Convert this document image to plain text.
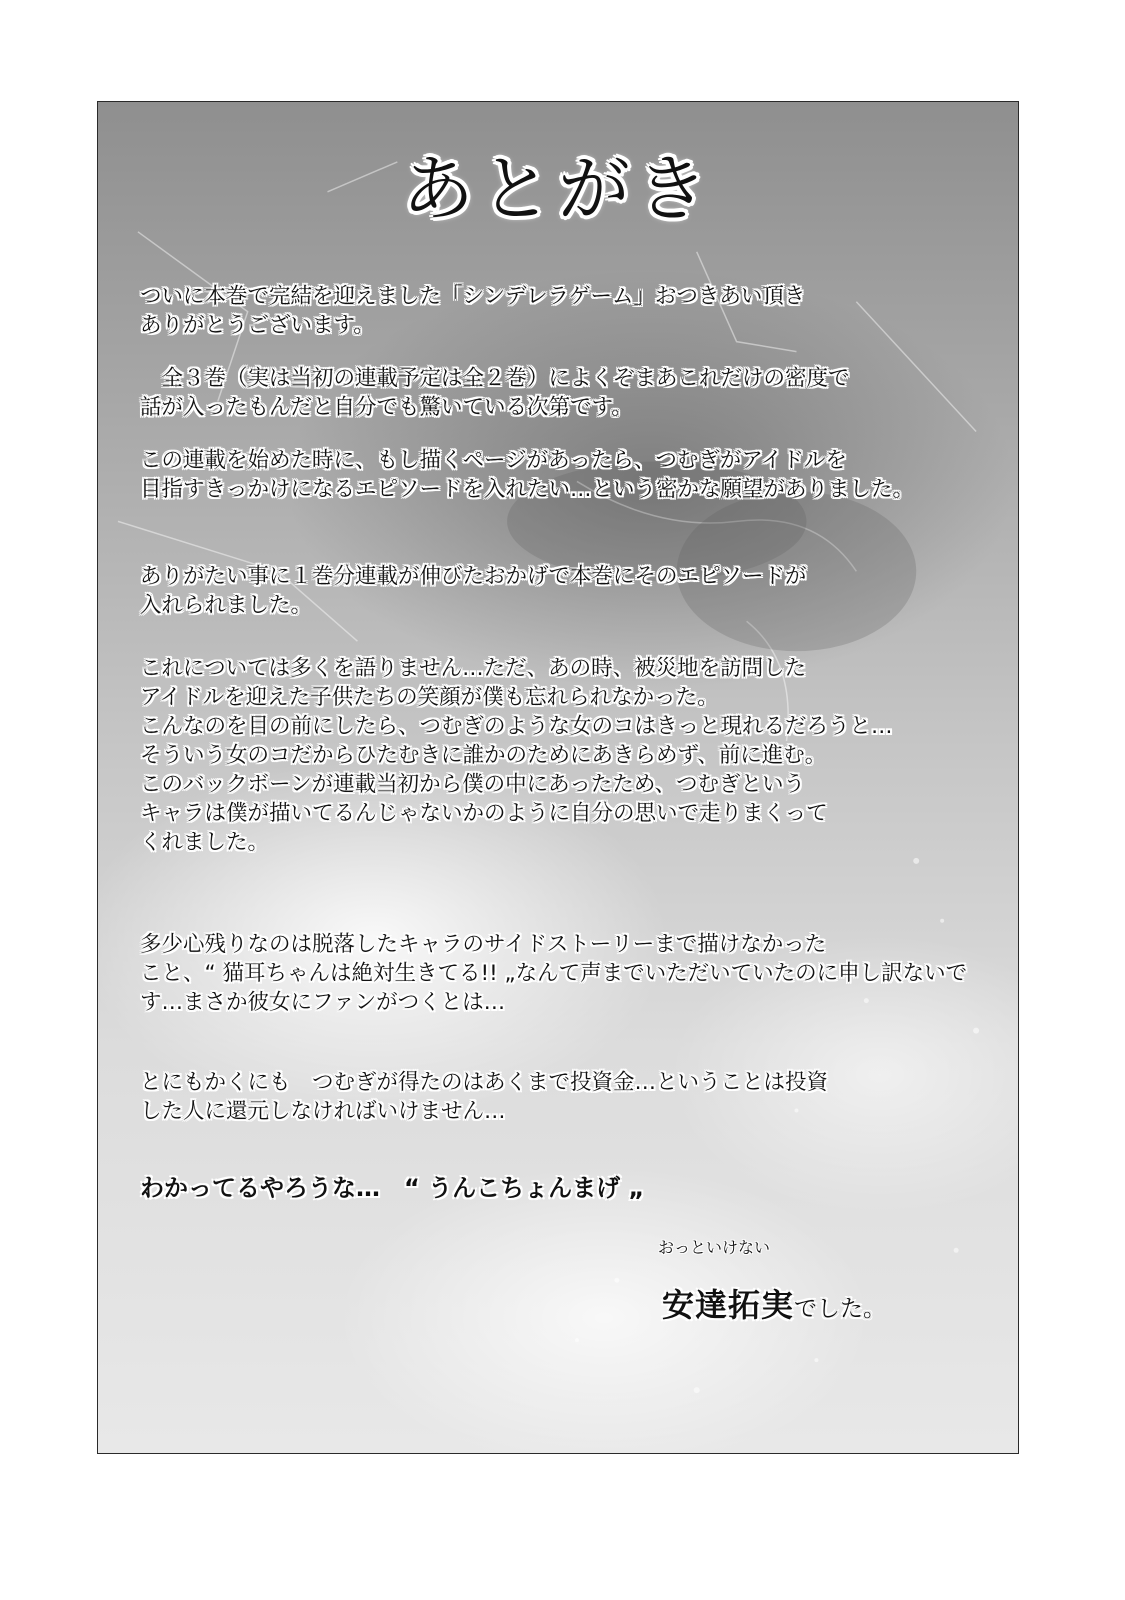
あとがき

ついに本巻で完結を迎えました「シンデレラゲーム」おつきあい頂き
ありがとうございます。

　全３巻（実は当初の連載予定は全２巻）によくぞまあこれだけの密度で
話が入ったもんだと自分でも驚いている次第です。

この連載を始めた時に、もし描くページがあったら、つむぎがアイドルを
目指すきっかけになるエピソードを入れたい…という密かな願望がありました。

ありがたい事に１巻分連載が伸びたおかげで本巻にそのエピソードが
入れられました。

これについては多くを語りません…ただ、あの時、被災地を訪問した
アイドルを迎えた子供たちの笑顔が僕も忘れられなかった。
こんなのを目の前にしたら、つむぎのような女のコはきっと現れるだろうと…
そういう女のコだからひたむきに誰かのためにあきらめず、前に進む。
このバックボーンが連載当初から僕の中にあったため、つむぎという
キャラは僕が描いてるんじゃないかのように自分の思いで走りまくって
くれました。

多少心残りなのは脱落したキャラのサイドストーリーまで描けなかった
こと、“ 猫耳ちゃんは絶対生きてる!! „なんて声までいただいていたのに申し訳ないです…まさか彼女にファンがつくとは…

とにもかくにも　つむぎが得たのはあくまで投資金…ということは投資
した人に還元しなければいけません…

わかってるやろうな…　“ うんこちょんまげ „
おっといけない
安達拓実でした。
